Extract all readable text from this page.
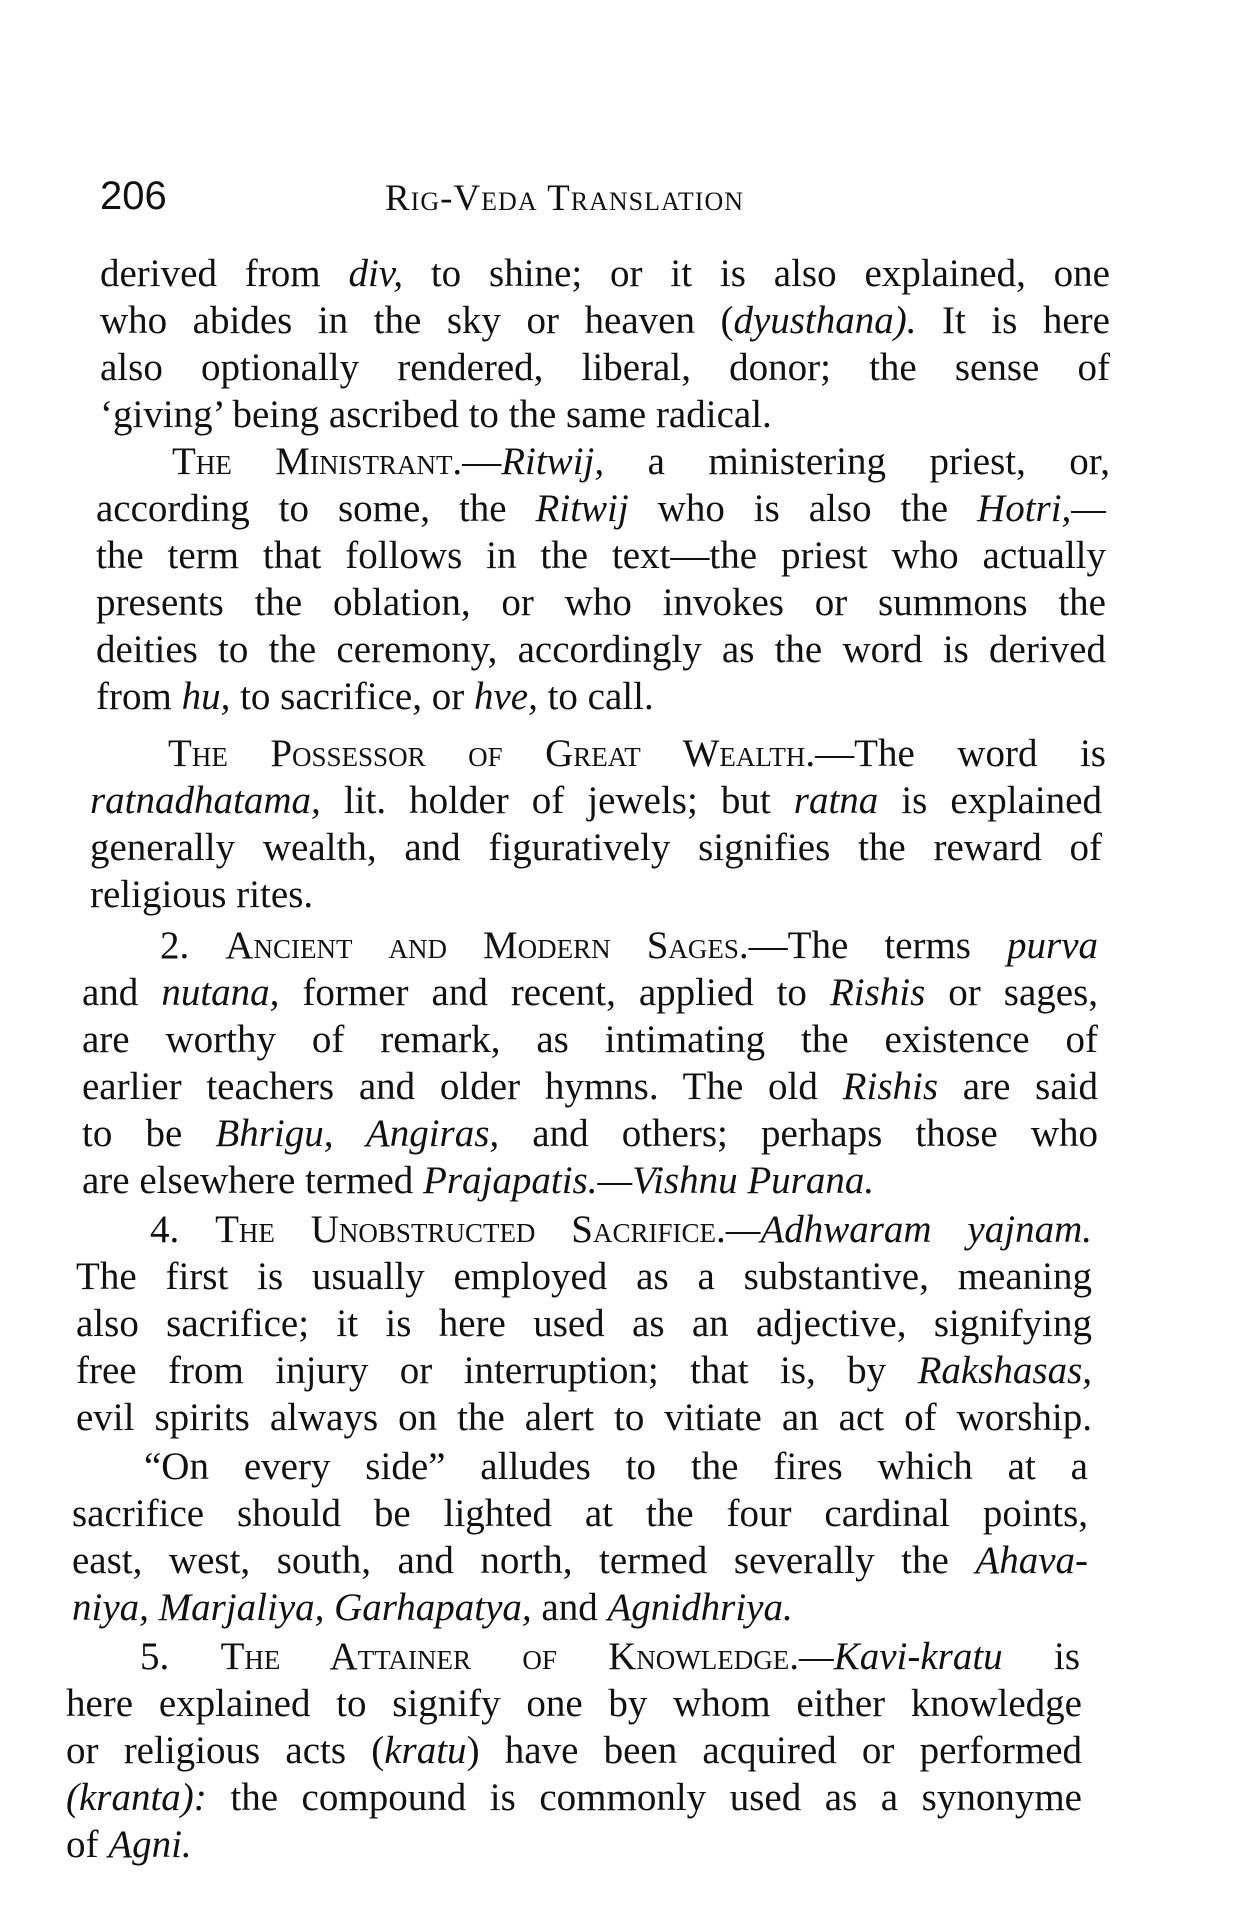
206	Rig-Veda Translation
derived from div, to shine; or it is also explained, one
who abides in the sky or heaven (dyusthana). It is here
also optionally rendered, liberal, donor; the sense of
‘giving’ being ascribed to the same radical.
The Ministrant.—Ritwij, a ministering priest, or,
according to some, the Ritwij who is also the Hotri,—
the term that follows in the text—the priest who actually
presents the oblation, or who invokes or summons the
deities to the ceremony, accordingly as the word is derived
from hu, to sacrifice, or hve, to call.
The Possessor of Great Wealth.—The word is
ratnadhatama, lit. holder of jewels; but ratna is explained
generally wealth, and figuratively signifies the reward of
religious rites.
2. Ancient and Modern Sages.—The terms purva
and nutana, former and recent, applied to Rishis or sages,
are worthy of remark, as intimating the existence of
earlier teachers and older hymns. The old Rishis are said
to be Bhrigu, Angiras, and others; perhaps those who
are elsewhere termed Prajapatis.—Vishnu Purana.
4. The Unobstructed Sacrifice.—Adhwaram yajnam.
The first is usually employed as a substantive, meaning
also sacrifice; it is here used as an adjective, signifying
free from injury or interruption; that is, by Rakshasas,
evil spirits always on the alert to vitiate an act of worship.
“On every side” alludes to the fires which at a
sacrifice should be lighted at the four cardinal points,
east, west, south, and north, termed severally the Ahava-
niya, Marjaliya, Garhapatya, and Agnidhriya.
5. The Attainer of Knowledge.—Kavi-kratu is
here explained to signify one by whom either knowledge
or religious acts (kratu) have been acquired or performed
(kranta): the compound is commonly used as a synonyme
of Agni.
